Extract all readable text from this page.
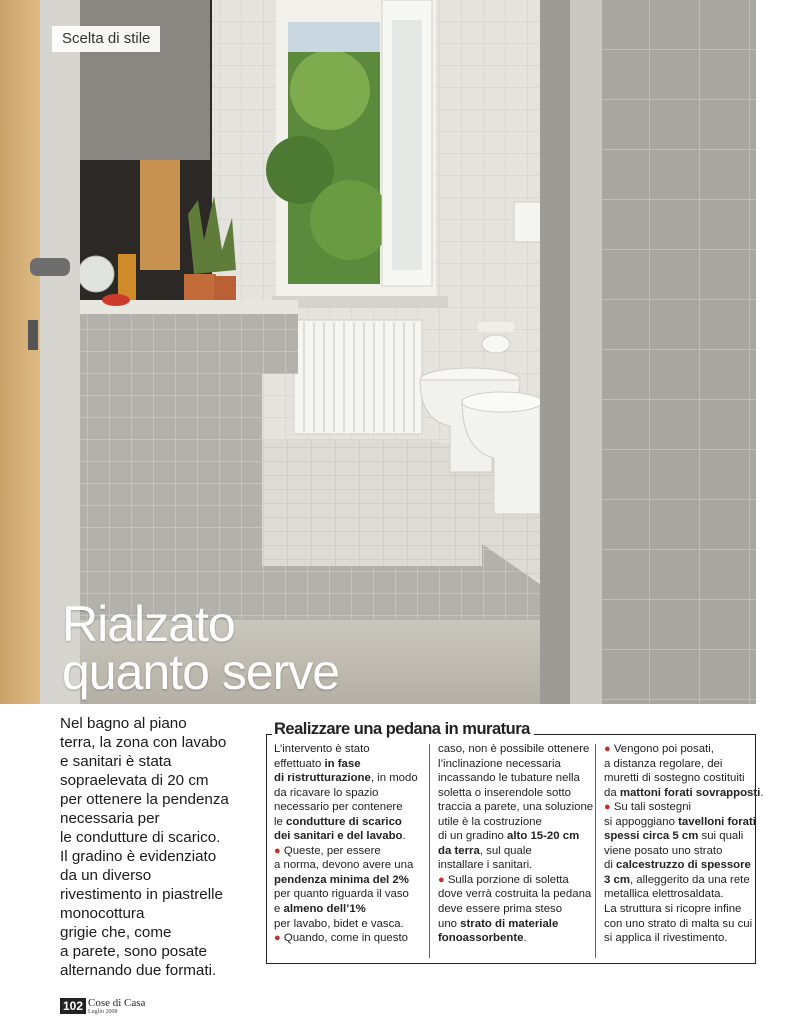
Scelta di stile
Rialzato
quanto serve
Nel bagno al piano
terra, la zona con lavabo
e sanitari è stata
sopraelevata di 20 cm
per ottenere la pendenza
necessaria per
le condutture di scarico.
Il gradino è evidenziato
da un diverso
rivestimento in piastrelle
monocottura
grigie che, come
a parete, sono posate
alternando due formati.
Realizzare una pedana in muratura
L’intervento è stato
effettuato in fase
di ristrutturazione, in modo
da ricavare lo spazio
necessario per contenere
le condutture di scarico
dei sanitari e del lavabo.
● Queste, per essere
a norma, devono avere una
pendenza minima del 2%
per quanto riguarda il vaso
e almeno dell’1%
per lavabo, bidet e vasca.
● Quando, come in questo
caso, non è possibile ottenere
l’inclinazione necessaria
incassando le tubature nella
soletta o inserendole sotto
traccia a parete, una soluzione
utile è la costruzione
di un gradino alto 15-20 cm
da terra, sul quale
installare i sanitari.
● Sulla porzione di soletta
dove verrà costruita la pedana
deve essere prima steso
uno strato di materiale
fonoassorbente.
● Vengono poi posati,
a distanza regolare, dei
muretti di sostegno costituiti
da mattoni forati sovrapposti.
● Su tali sostegni
si appoggiano tavelloni forati
spessi circa 5 cm sui quali
viene posato uno strato
di calcestruzzo di spessore
3 cm, alleggerito da una rete
metallica elettrosaldata.
La struttura si ricopre infine
con uno strato di malta su cui
si applica il rivestimento.
102 Cose di Casa
Luglio 2008
